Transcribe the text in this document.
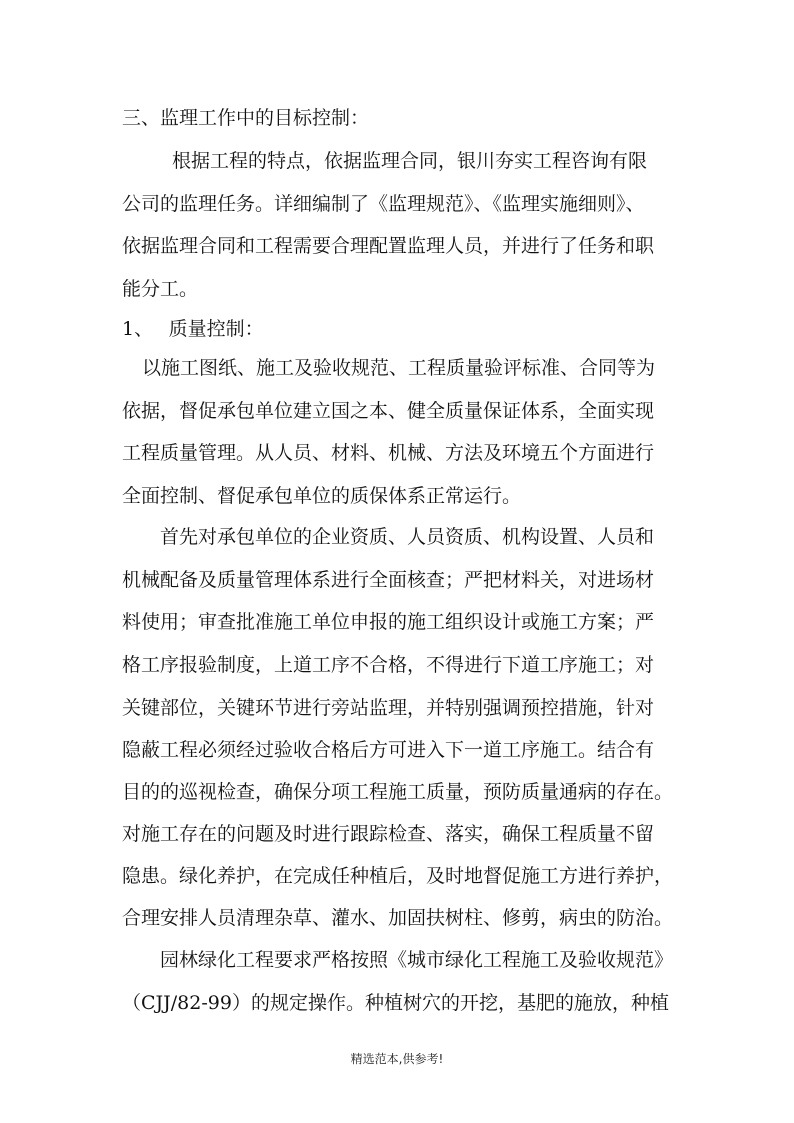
三、监理工作中的目标控制：
根据工程的特点，依据监理合同，银川夯实工程咨询有限
公司的监理任务。详细编制了《监理规范》、《监理实施细则》、
依据监理合同和工程需要合理配置监理人员，并进行了任务和职
能分工。
1、　 质量控制：
以施工图纸、施工及验收规范、工程质量验评标准、合同等为
依据，督促承包单位建立国之本、健全质量保证体系，全面实现
工程质量管理。从人员、材料、机械、方法及环境五个方面进行
全面控制、督促承包单位的质保体系正常运行。
首先对承包单位的企业资质、人员资质、机构设置、人员和
机械配备及质量管理体系进行全面核查；严把材料关，对进场材
料使用；审查批准施工单位申报的施工组织设计或施工方案；严
格工序报验制度，上道工序不合格，不得进行下道工序施工；对
关键部位，关键环节进行旁站监理，并特别强调预控措施，针对
隐蔽工程必须经过验收合格后方可进入下一道工序施工。结合有
目的的巡视检查，确保分项工程施工质量，预防质量通病的存在。
对施工存在的问题及时进行跟踪检查、落实，确保工程质量不留
隐患。绿化养护，在完成任种植后，及时地督促施工方进行养护，
合理安排人员清理杂草、灌水、加固扶树柱、修剪，病虫的防治。
园林绿化工程要求严格按照《城市绿化工程施工及验收规范》
（CJJ/82-99）的规定操作。种植树穴的开挖，基肥的施放，种植
精选范本,供参考!
